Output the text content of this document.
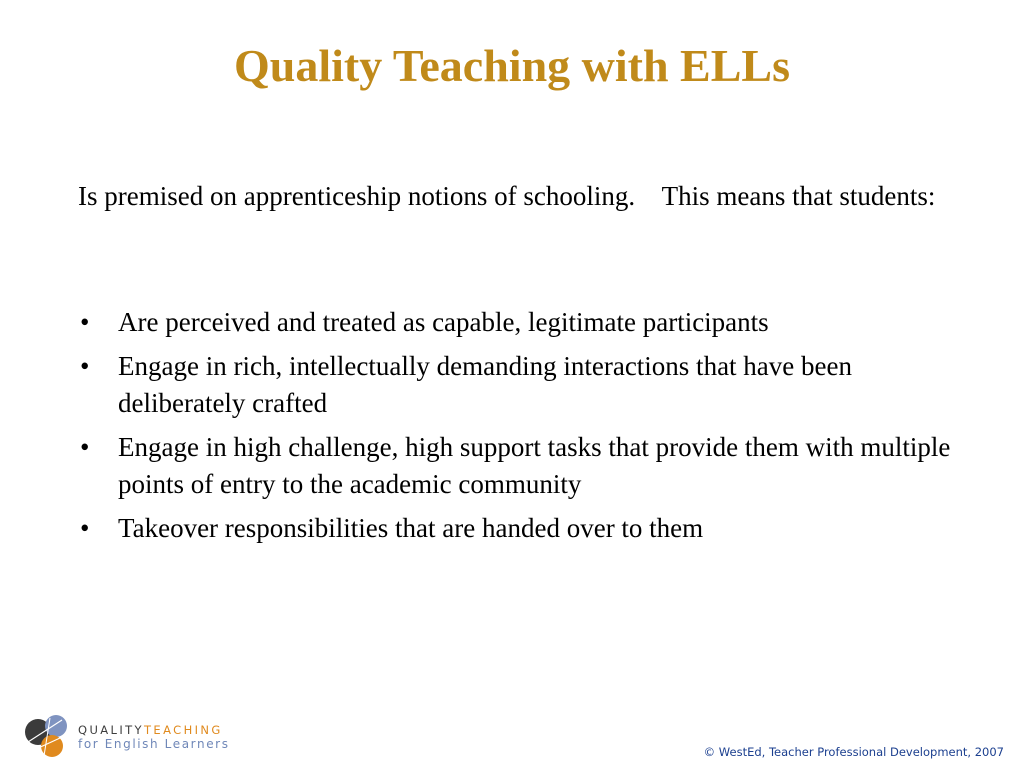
Quality Teaching with ELLs

Is premised on apprenticeship notions of schooling.    This means that students:

• Are perceived and treated as capable, legitimate participants
• Engage in rich, intellectually demanding interactions that have been deliberately crafted
• Engage in high challenge, high support tasks that provide them with multiple points of entry to the academic community
• Takeover responsibilities that are handed over to them
QUALITYTEACHING
for English Learners
© WestEd, Teacher Professional Development, 2007
